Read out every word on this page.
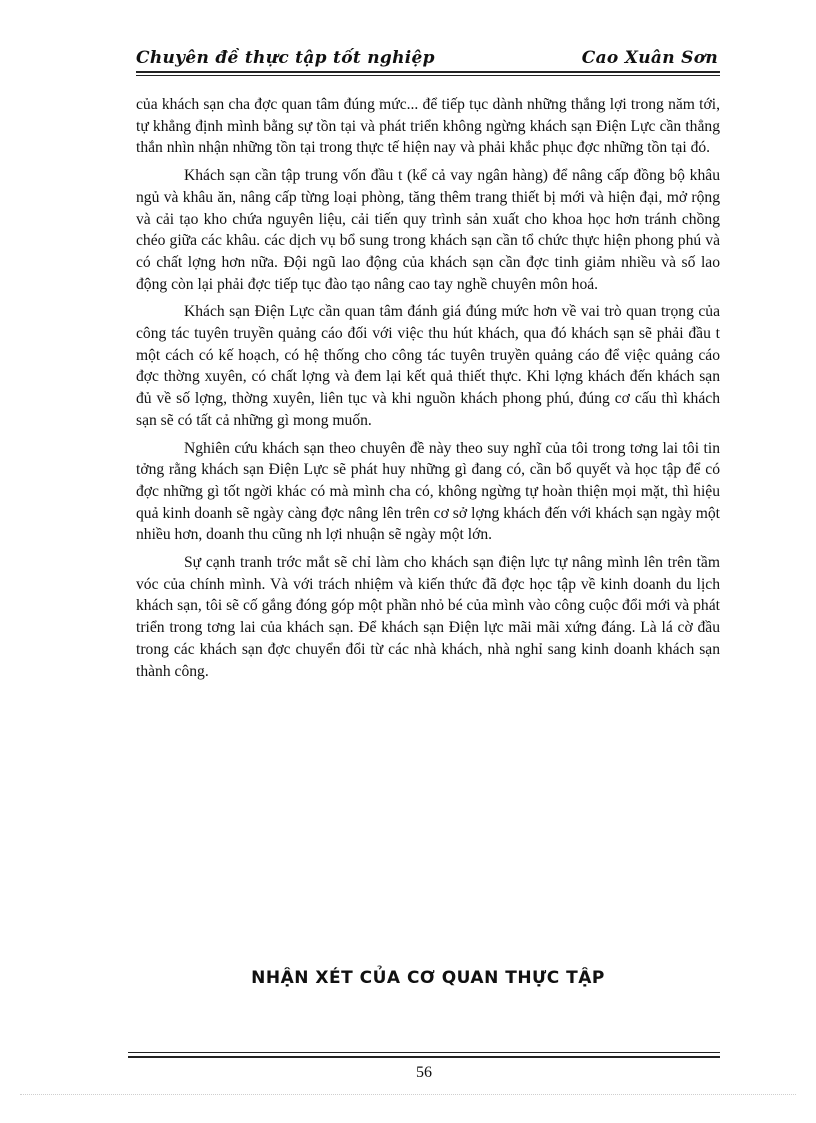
Chuyên đề thực tập tốt nghiệp	Cao Xuân Sơn

của khách sạn cha đợc quan tâm đúng mức... để tiếp tục dành những thắng lợi trong năm tới, tự khẳng định mình bằng sự tồn tại và phát triển không ngừng khách sạn Điện Lực cần thẳng thắn nhìn nhận những tồn tại trong thực tế hiện nay và phải khắc phục đợc những tồn tại đó.

Khách sạn cần tập trung vốn đầu t (kể cả vay ngân hàng) để nâng cấp đồng bộ khâu ngủ và khâu ăn, nâng cấp từng loại phòng, tăng thêm trang thiết bị mới và hiện đại, mở rộng và cải tạo kho chứa nguyên liệu, cải tiến quy trình sản xuất cho khoa học hơn tránh chồng chéo giữa các khâu. các dịch vụ bổ sung trong khách sạn cần tổ chức thực hiện phong phú và có chất lợng hơn nữa. Đội ngũ lao động của khách sạn cần đợc tinh giảm nhiều và số lao động còn lại phải đợc tiếp tục đào tạo nâng cao tay nghề chuyên môn hoá.

Khách sạn Điện Lực cần quan tâm đánh giá đúng mức hơn về vai trò quan trọng của công tác tuyên truyền quảng cáo đối với việc thu hút khách, qua đó khách sạn sẽ phải đầu t một cách có kế hoạch, có hệ thống cho công tác tuyên truyền quảng cáo để việc quảng cáo đợc thờng xuyên, có chất lợng và đem lại kết quả thiết thực. Khi lợng khách đến khách sạn đủ về số lợng, thờng xuyên, liên tục và khi nguồn khách phong phú, đúng cơ cấu thì khách sạn sẽ có tất cả những gì mong muốn.

Nghiên cứu khách sạn theo chuyên đề này theo suy nghĩ của tôi trong tơng lai tôi tin tởng rằng khách sạn Điện Lực sẽ phát huy những gì đang có, cần bổ quyết và học tập để có đợc những gì tốt ngời khác có mà mình cha có, không ngừng tự hoàn thiện mọi mặt, thì hiệu quả kinh doanh sẽ ngày càng đợc nâng lên trên cơ sở lợng khách đến với khách sạn ngày một nhiều hơn, doanh thu cũng nh lợi nhuận sẽ ngày một lớn.

Sự cạnh tranh trớc mắt sẽ chỉ làm cho khách sạn điện lực tự nâng mình lên trên tầm vóc của chính mình. Và với trách nhiệm và kiến thức đã đợc học tập về kinh doanh du lịch khách sạn, tôi sẽ cố gắng đóng góp một phần nhỏ bé của mình vào công cuộc đổi mới và phát triển trong tơng lai của khách sạn. Để khách sạn Điện lực mãi mãi xứng đáng. Là lá cờ đầu trong các khách sạn đợc chuyển đổi từ các nhà khách, nhà nghỉ sang kinh doanh khách sạn thành công.

NHẬN XÉT CỦA CƠ QUAN THỰC TẬP
56
